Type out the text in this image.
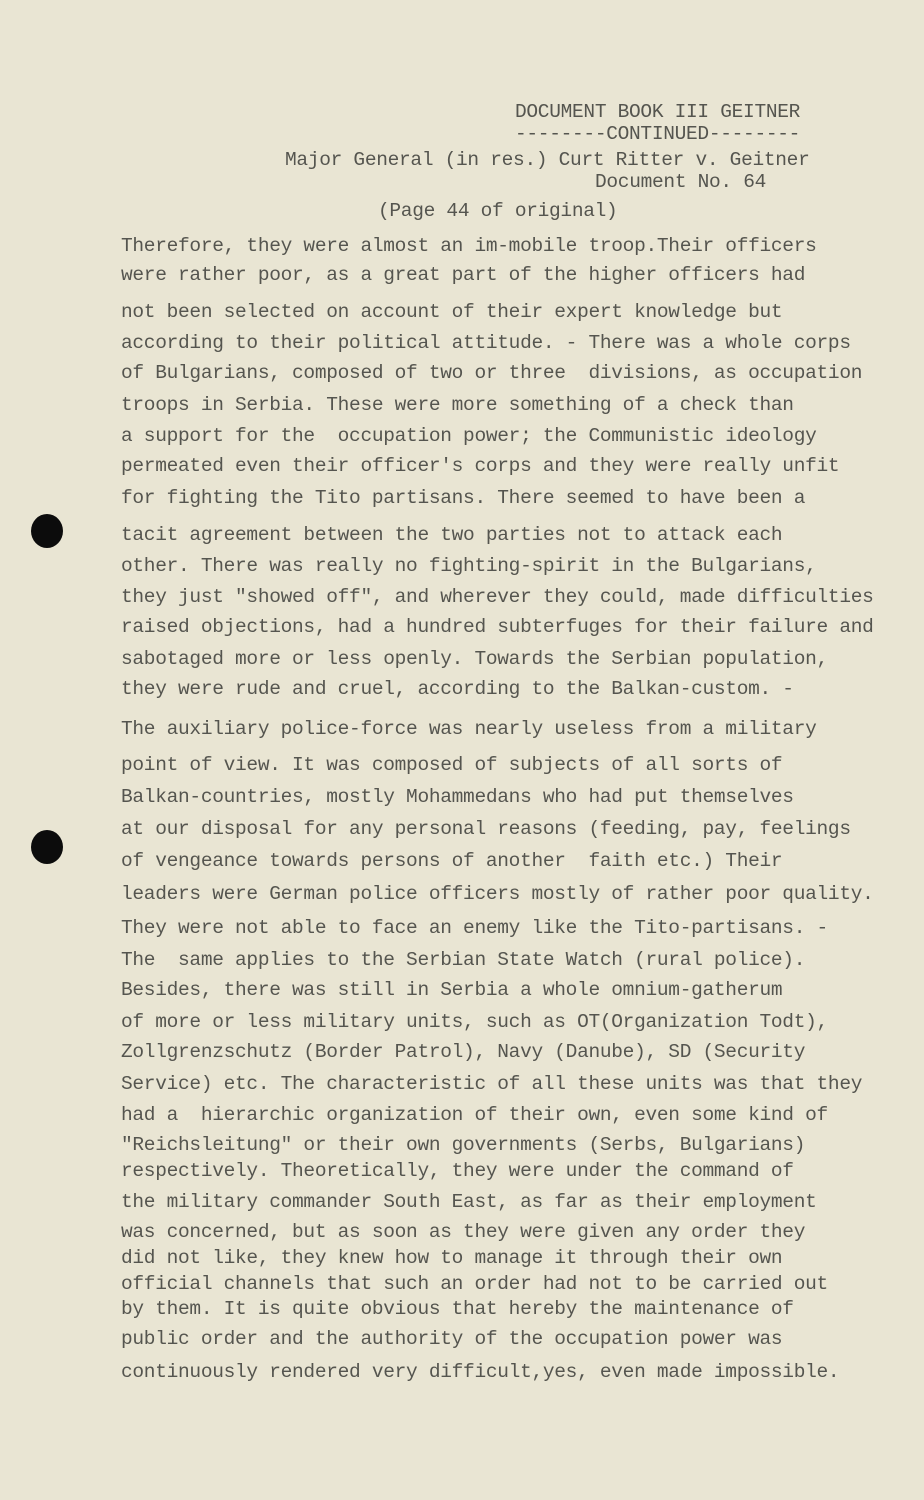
DOCUMENT BOOK III GEITNER
--------CONTINUED--------
Major General (in res.) Curt Ritter v. Geitner
Document No. 64
(Page 44 of original)
Therefore, they were almost an im-mobile troop.Their officers
were rather poor, as a great part of the higher officers had
not been selected on account of their expert knowledge but
according to their political attitude. - There was a whole corps
of Bulgarians, composed of two or three  divisions, as occupation
troops in Serbia. These were more something of a check than
a support for the  occupation power; the Communistic ideology
permeated even their officer's corps and they were really unfit
for fighting the Tito partisans. There seemed to have been a
tacit agreement between the two parties not to attack each
other. There was really no fighting-spirit in the Bulgarians,
they just "showed off", and wherever they could, made difficulties
raised objections, had a hundred subterfuges for their failure and
sabotaged more or less openly. Towards the Serbian population,
they were rude and cruel, according to the Balkan-custom. -
The auxiliary police-force was nearly useless from a military
point of view. It was composed of subjects of all sorts of
Balkan-countries, mostly Mohammedans who had put themselves
at our disposal for any personal reasons (feeding, pay, feelings
of vengeance towards persons of another  faith etc.) Their
leaders were German police officers mostly of rather poor quality.
They were not able to face an enemy like the Tito-partisans. -
The  same applies to the Serbian State Watch (rural police).
Besides, there was still in Serbia a whole omnium-gatherum
of more or less military units, such as OT(Organization Todt),
Zollgrenzschutz (Border Patrol), Navy (Danube), SD (Security
Service) etc. The characteristic of all these units was that they
had a  hierarchic organization of their own, even some kind of
"Reichsleitung" or their own governments (Serbs, Bulgarians)
respectively. Theoretically, they were under the command of
the military commander South East, as far as their employment
was concerned, but as soon as they were given any order they
did not like, they knew how to manage it through their own
official channels that such an order had not to be carried out
by them. It is quite obvious that hereby the maintenance of
public order and the authority of the occupation power was
continuously rendered very difficult,yes, even made impossible.
